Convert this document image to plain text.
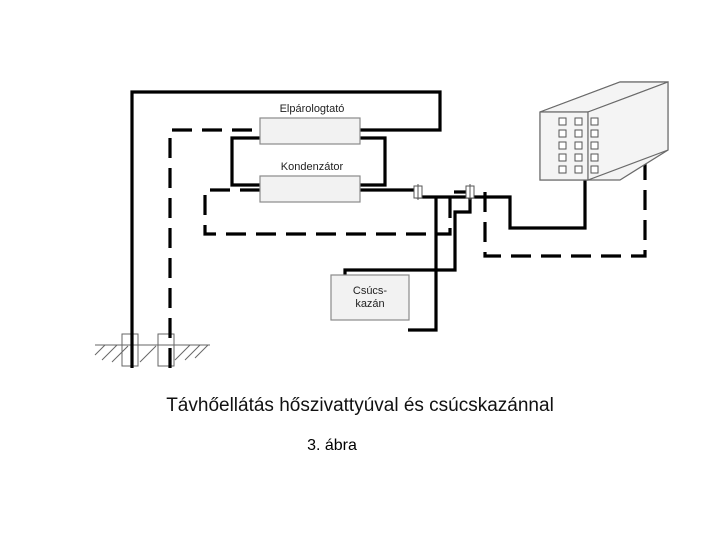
Elpárologtató
Kondenzátor
Csúcs-
kazán
Távhőellátás hőszivattyúval és csúcskazánnal
3. ábra
